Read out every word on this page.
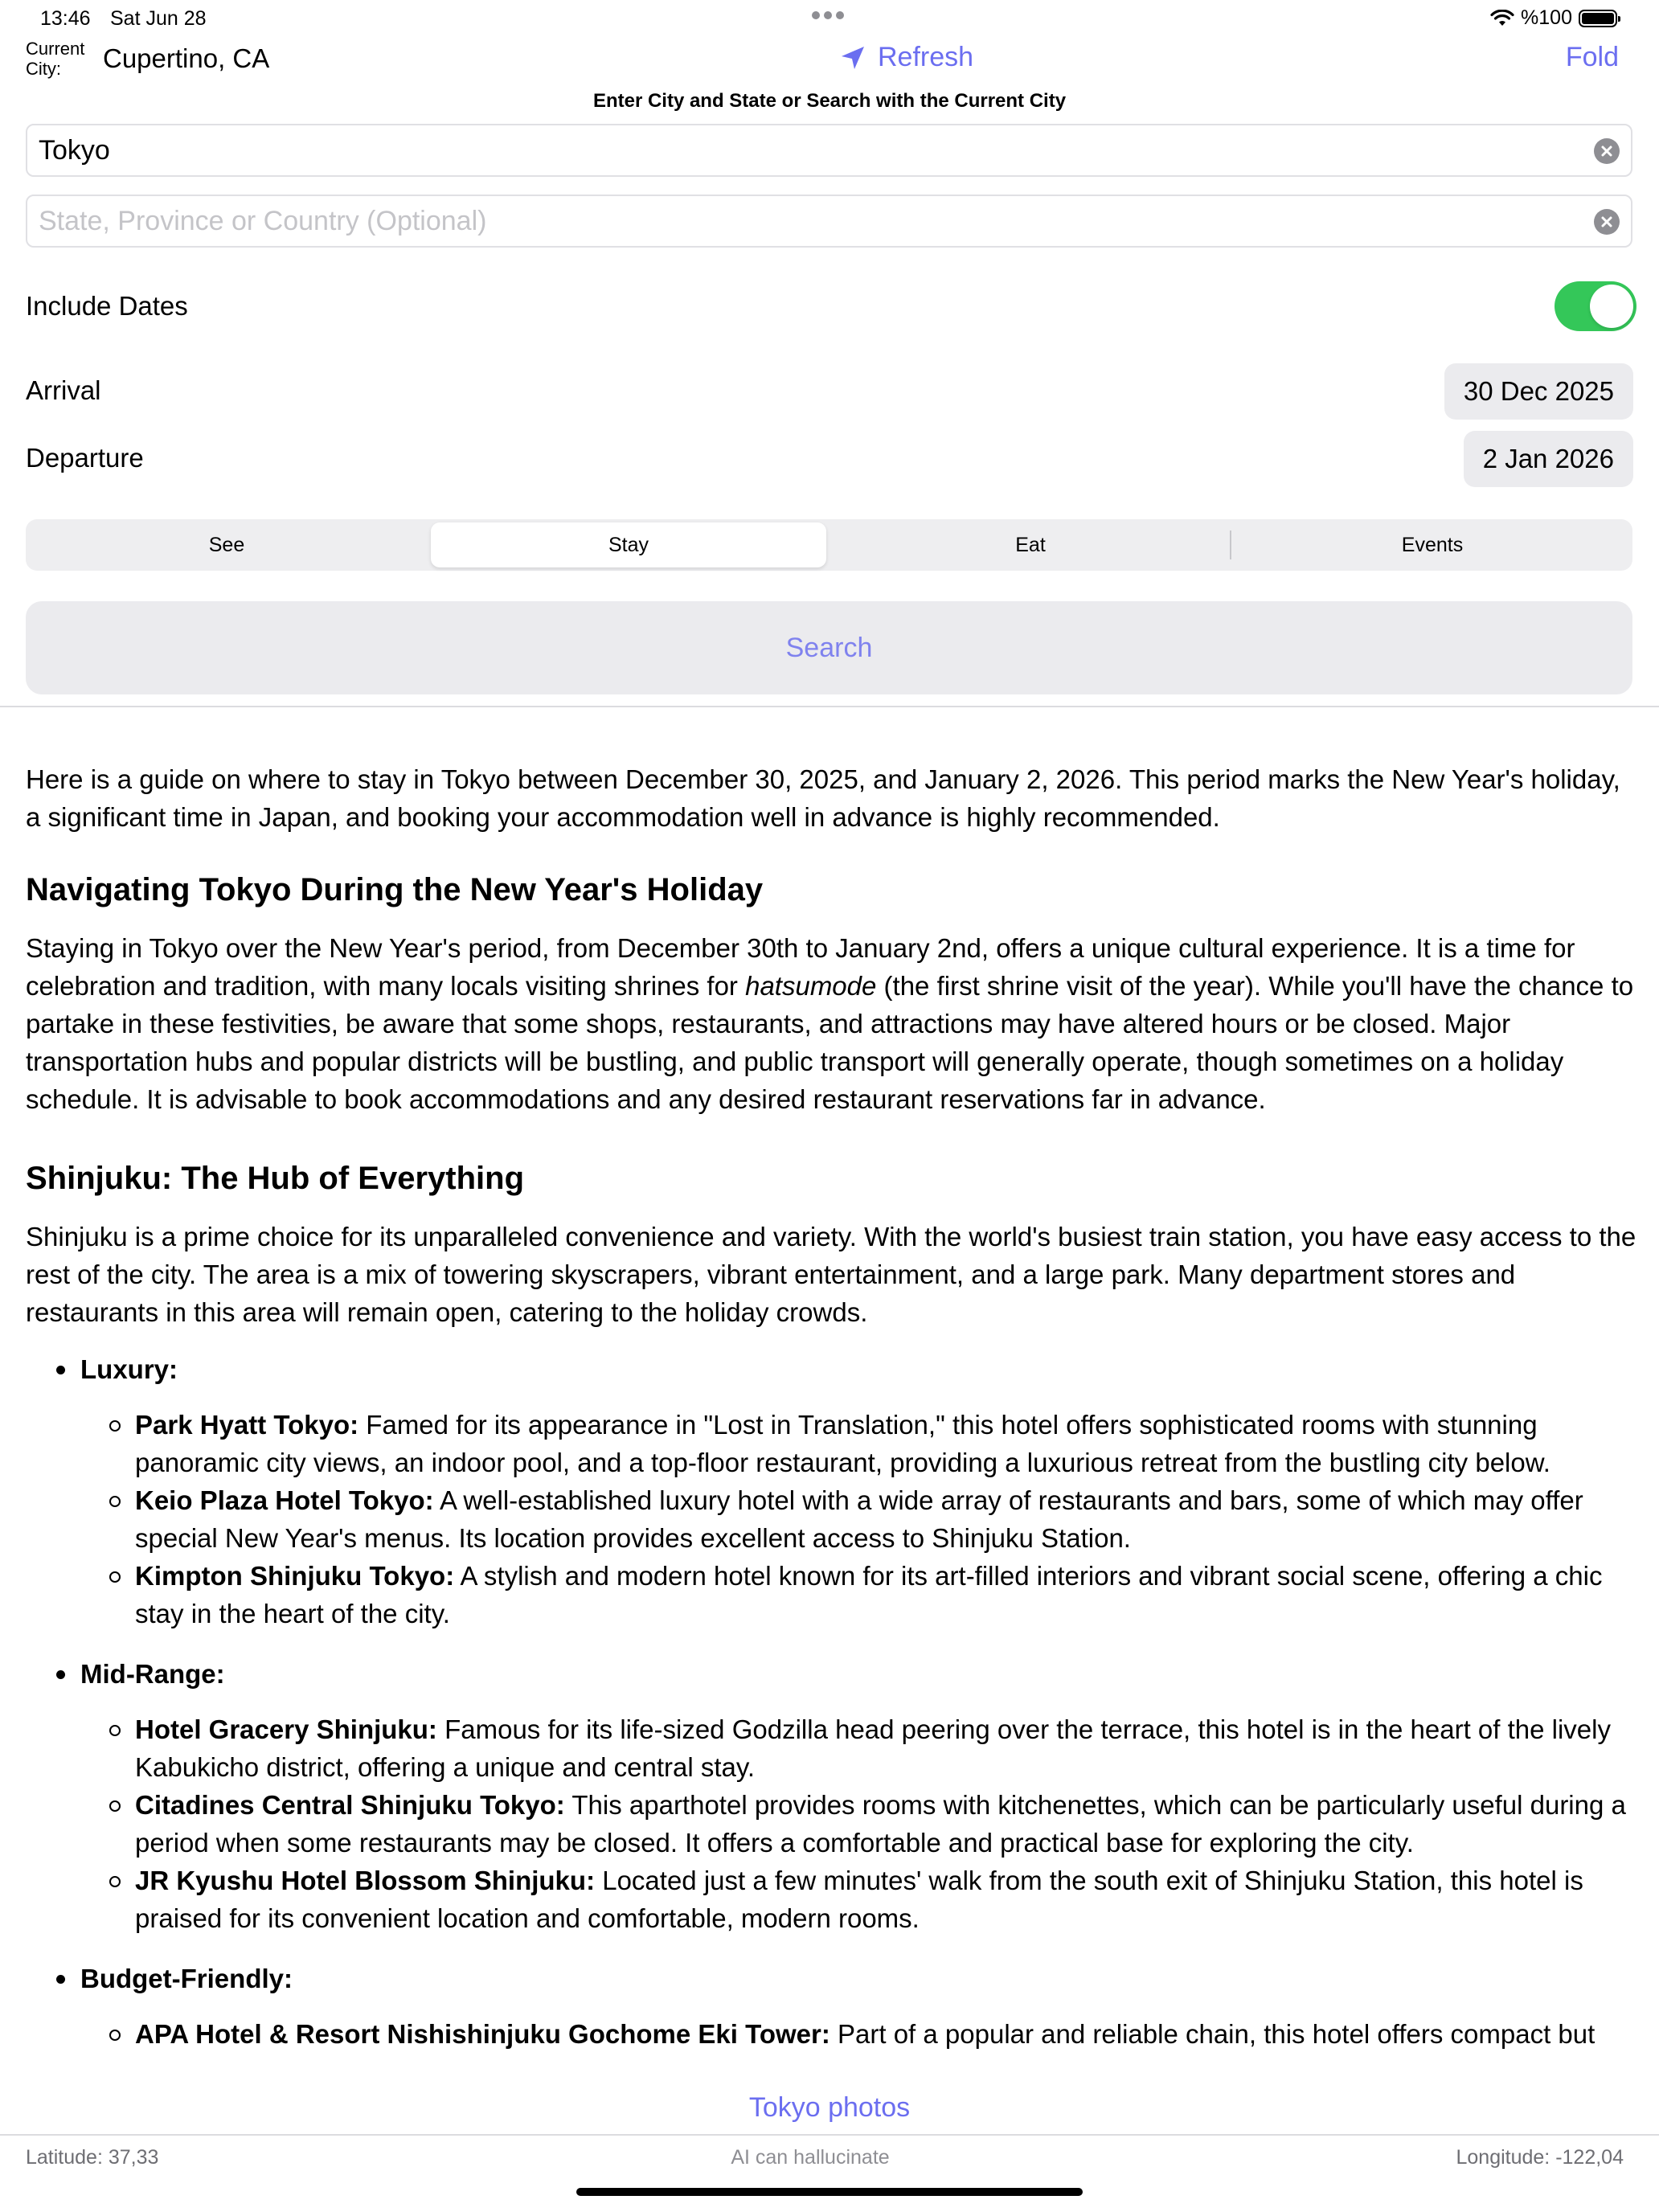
13:46 Sat Jun 28	%100
Current City:	Cupertino, CA	Refresh	Fold
Enter City and State or Search with the Current City
Tokyo
State, Province or Country (Optional)
Include Dates
Arrival	30 Dec 2025
Departure	2 Jan 2026
See	Stay	Eat	Events
Search

Here is a guide on where to stay in Tokyo between December 30, 2025, and January 2, 2026. This period marks the New Year's holiday, a significant time in Japan, and booking your accommodation well in advance is highly recommended.

Navigating Tokyo During the New Year's Holiday

Staying in Tokyo over the New Year's period, from December 30th to January 2nd, offers a unique cultural experience. It is a time for celebration and tradition, with many locals visiting shrines for hatsumode (the first shrine visit of the year). While you'll have the chance to partake in these festivities, be aware that some shops, restaurants, and attractions may have altered hours or be closed. Major transportation hubs and popular districts will be bustling, and public transport will generally operate, though sometimes on a holiday schedule. It is advisable to book accommodations and any desired restaurant reservations far in advance.

Shinjuku: The Hub of Everything

Shinjuku is a prime choice for its unparalleled convenience and variety. With the world's busiest train station, you have easy access to the rest of the city. The area is a mix of towering skyscrapers, vibrant entertainment, and a large park. Many department stores and restaurants in this area will remain open, catering to the holiday crowds.

Luxury:
Park Hyatt Tokyo: Famed for its appearance in "Lost in Translation," this hotel offers sophisticated rooms with stunning panoramic city views, an indoor pool, and a top-floor restaurant, providing a luxurious retreat from the bustling city below.
Keio Plaza Hotel Tokyo: A well-established luxury hotel with a wide array of restaurants and bars, some of which may offer special New Year's menus. Its location provides excellent access to Shinjuku Station.
Kimpton Shinjuku Tokyo: A stylish and modern hotel known for its art-filled interiors and vibrant social scene, offering a chic stay in the heart of the city.
Mid-Range:
Hotel Gracery Shinjuku: Famous for its life-sized Godzilla head peering over the terrace, this hotel is in the heart of the lively Kabukicho district, offering a unique and central stay.
Citadines Central Shinjuku Tokyo: This aparthotel provides rooms with kitchenettes, which can be particularly useful during a period when some restaurants may be closed. It offers a comfortable and practical base for exploring the city.
JR Kyushu Hotel Blossom Shinjuku: Located just a few minutes' walk from the south exit of Shinjuku Station, this hotel is praised for its convenient location and comfortable, modern rooms.
Budget-Friendly:
APA Hotel & Resort Nishishinjuku Gochome Eki Tower: Part of a popular and reliable chain, this hotel offers compact but
Tokyo photos
Latitude: 37,33	AI can hallucinate	Longitude: -122,04
